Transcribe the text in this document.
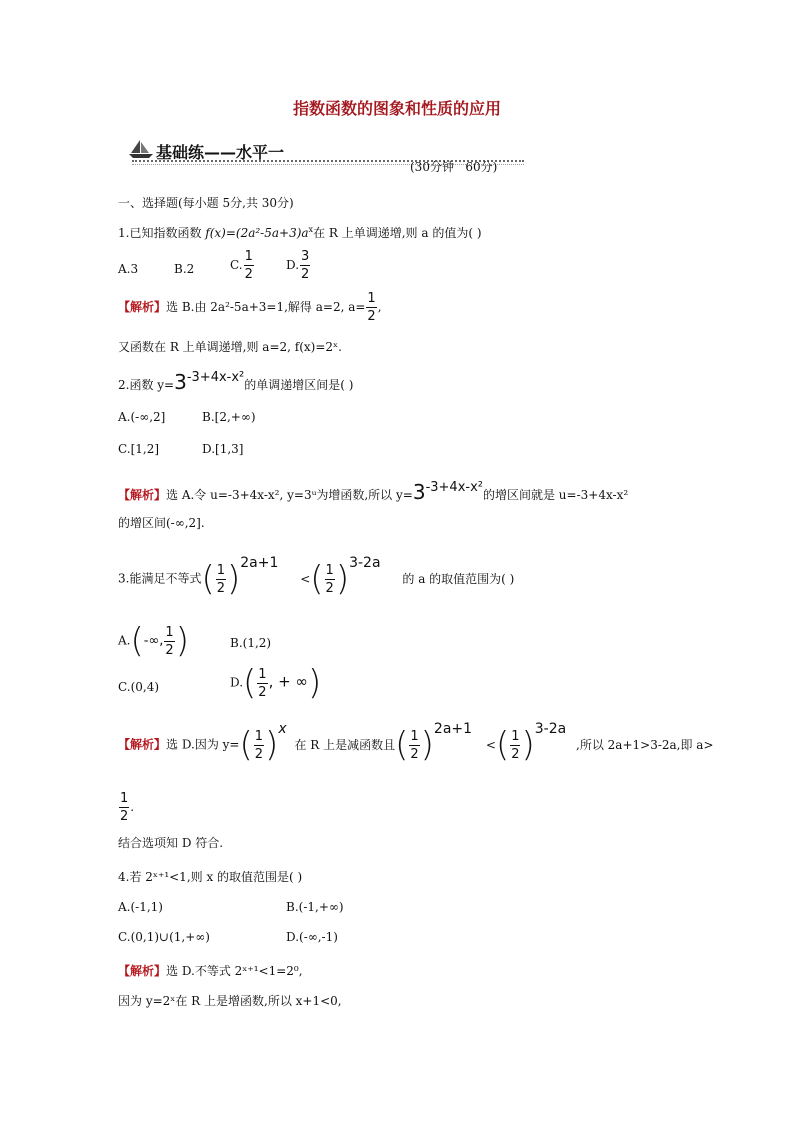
指数函数的图象和性质的应用
基础练——水平一
(30分钟   60分)
一、选择题(每小题 5分,共 30分)
1.已知指数函数 $f(x)=(2a^2-5a+3)a^x$在 R 上单调递增,则 a 的值为( )
A.3	B.2	C. $\frac{1}{2}$	D. $\frac{3}{2}$
【解析】选 B.由 2a²-5a+3=1,解得 a=2, $a= \frac{1}{2}$ ,
又函数在 R 上单调递增,则 a=2, f(x)=2ˣ.
2.函数 y=3-3+4x-x²的单调递增区间是( )
A.(-∞,2]	B.[2,+∞)
C.[1,2]	D.[1,3]
【解析】选 A.令 u=-3+4x-x², y=3ᵘ为增函数,所以 y=3-3+4x-x²的增区间就是 u=-3+4x-x²
的增区间(-∞,2].
3.能满足不等式( $\frac{1}{2} )2a+1$ <( $\frac{1}{2} )3-2a$ 的 a 的取值范围为( )
A.(-∞, $\frac{1}{2}$ )	B.(1,2)
C.(0,4)	$D.( \frac{1}{2}$ , + ∞)
【解析】选 D.因为 $y=( \frac{1}{2} )x$ 在 R 上是减函数且( $\frac{1}{2} )2a+1$ <( $\frac{1}{2} )3-2a$ ,所以 2a+1>3-2a,即 a>
$\frac{1}{2}$ .
结合选项知 D 符合.
4.若 2ˣ⁺¹<1,则 x 的取值范围是( )
A.(-1,1)	B.(-1,+∞)
C.(0,1)∪(1,+∞)	D.(-∞,-1)
【解析】选 D.不等式 2ˣ⁺¹<1=2⁰,
因为 y=2ˣ在 R 上是增函数,所以 x+1<0,
